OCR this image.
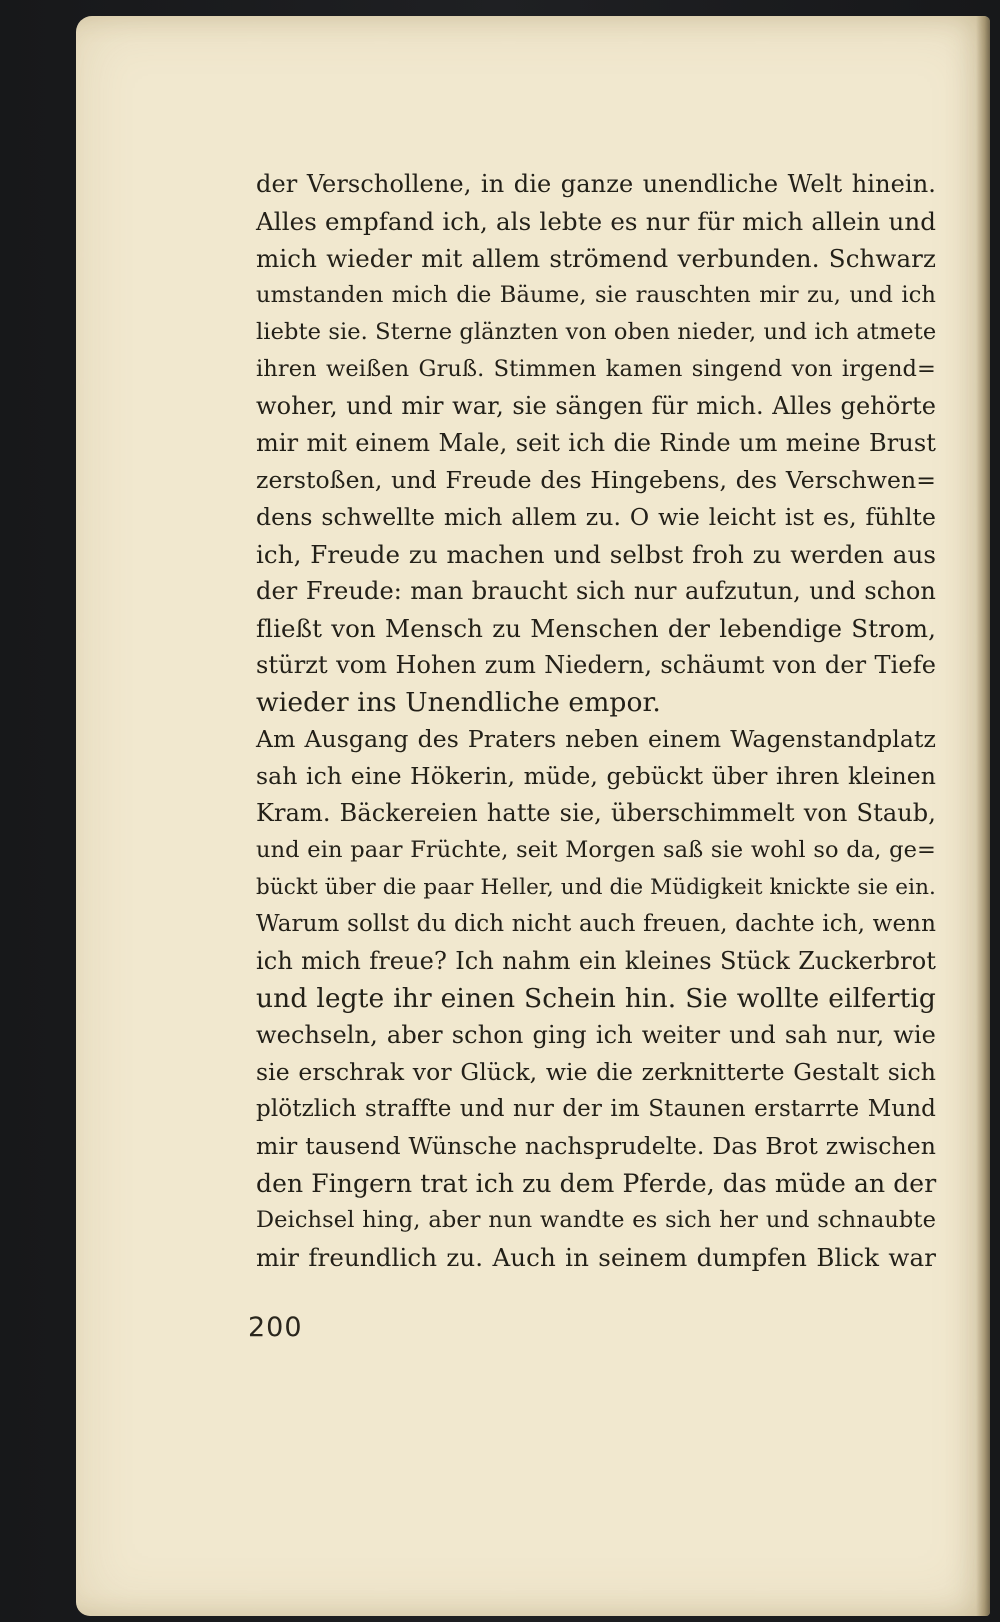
der Verschollene, in die ganze unendliche Welt hinein.
Alles empfand ich, als lebte es nur für mich allein und
mich wieder mit allem strömend verbunden. Schwarz
umstanden mich die Bäume, sie rauschten mir zu, und ich
liebte sie. Sterne glänzten von oben nieder, und ich atmete
ihren weißen Gruß. Stimmen kamen singend von irgend=
woher, und mir war, sie sängen für mich. Alles gehörte
mir mit einem Male, seit ich die Rinde um meine Brust
zerstoßen, und Freude des Hingebens, des Verschwen=
dens schwellte mich allem zu. O wie leicht ist es, fühlte
ich, Freude zu machen und selbst froh zu werden aus
der Freude: man braucht sich nur aufzutun, und schon
fließt von Mensch zu Menschen der lebendige Strom,
stürzt vom Hohen zum Niedern, schäumt von der Tiefe
wieder ins Unendliche empor.
Am Ausgang des Praters neben einem Wagenstandplatz
sah ich eine Hökerin, müde, gebückt über ihren kleinen
Kram. Bäckereien hatte sie, überschimmelt von Staub,
und ein paar Früchte, seit Morgen saß sie wohl so da, ge=
bückt über die paar Heller, und die Müdigkeit knickte sie ein.
Warum sollst du dich nicht auch freuen, dachte ich, wenn
ich mich freue? Ich nahm ein kleines Stück Zuckerbrot
und legte ihr einen Schein hin. Sie wollte eilfertig
wechseln, aber schon ging ich weiter und sah nur, wie
sie erschrak vor Glück, wie die zerknitterte Gestalt sich
plötzlich straffte und nur der im Staunen erstarrte Mund
mir tausend Wünsche nachsprudelte. Das Brot zwischen
den Fingern trat ich zu dem Pferde, das müde an der
Deichsel hing, aber nun wandte es sich her und schnaubte
mir freundlich zu. Auch in seinem dumpfen Blick war
200
